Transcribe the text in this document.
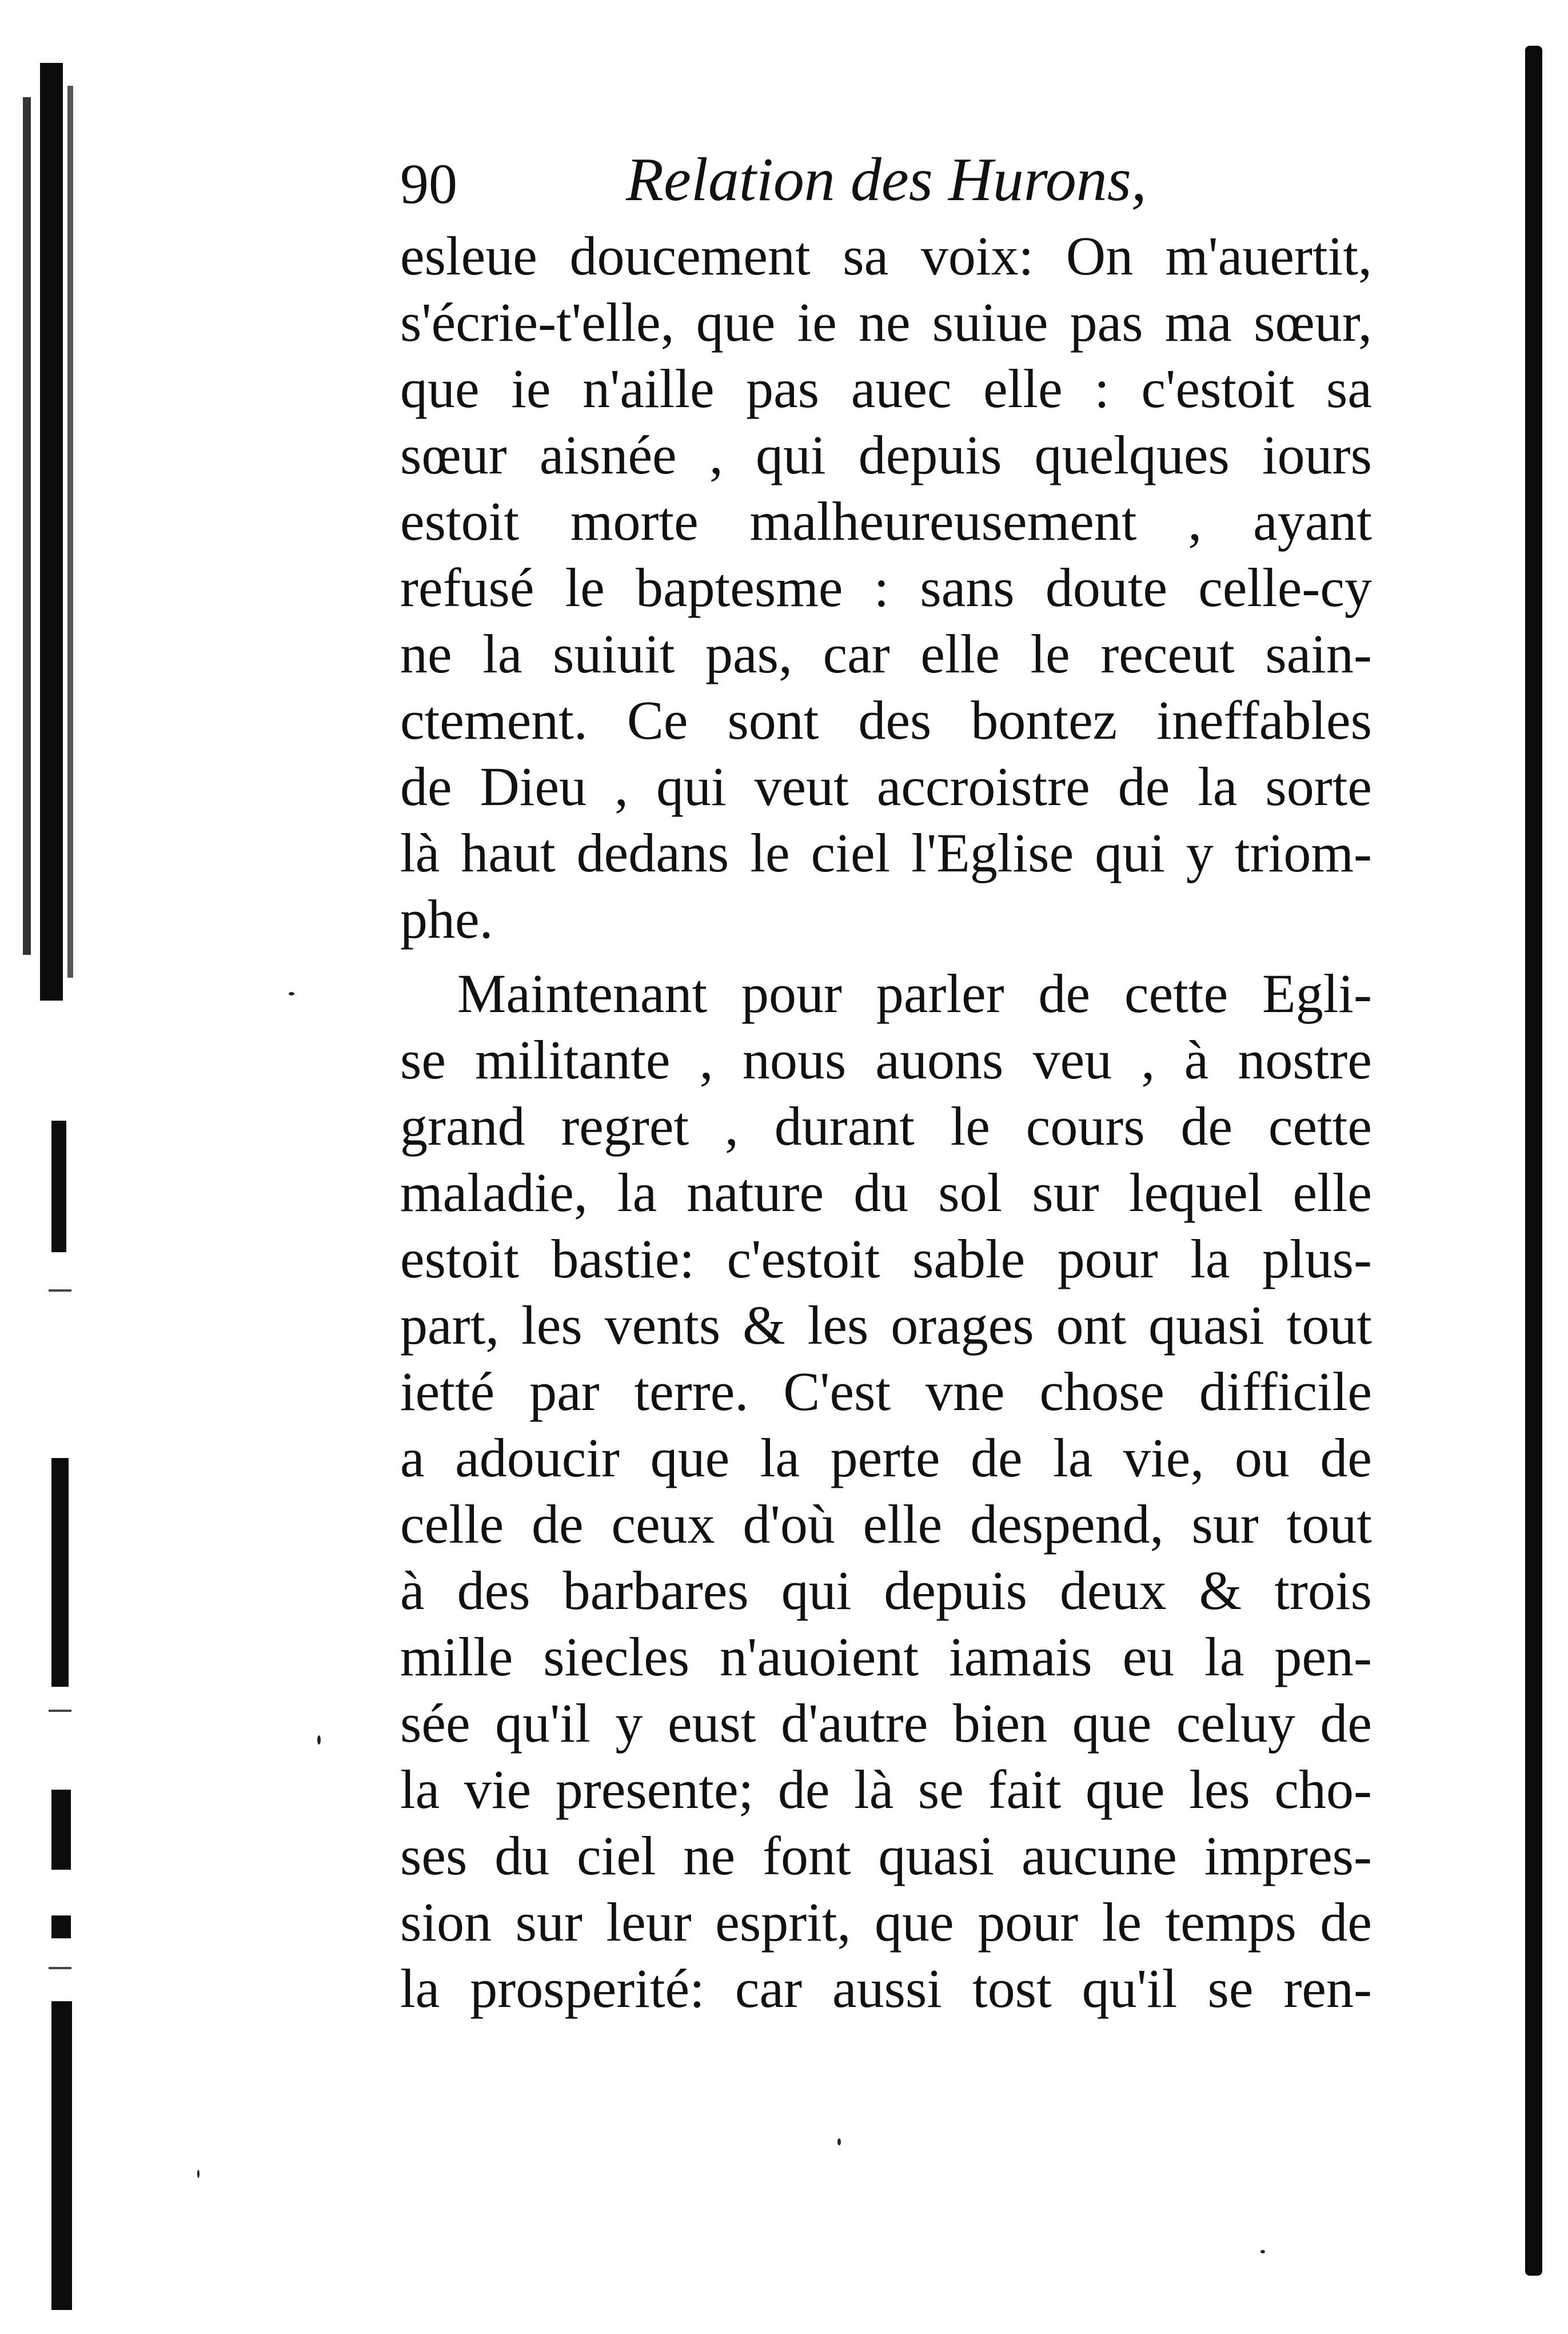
90	Relation des Hurons,
esleue doucement sa voix: On m'auertit,
s'écrie-t'elle, que ie ne suiue pas ma sœur,
que ie n'aille pas auec elle : c'estoit sa
sœur aisnée , qui depuis quelques iours
estoit morte malheureusement , ayant
refusé le baptesme : sans doute celle-cy
ne la suiuit pas, car elle le receut sain-
ctement. Ce sont des bontez ineffables
de Dieu , qui veut accroistre de la sorte
là haut dedans le ciel l'Eglise qui y triom-
phe.
Maintenant pour parler de cette Egli-
se militante , nous auons veu , à nostre
grand regret , durant le cours de cette
maladie, la nature du sol sur lequel elle
estoit bastie: c'estoit sable pour la plus-
part, les vents & les orages ont quasi tout
ietté par terre. C'est vne chose difficile
a adoucir que la perte de la vie, ou de
celle de ceux d'où elle despend, sur tout
à des barbares qui depuis deux & trois
mille siecles n'auoient iamais eu la pen-
sée qu'il y eust d'autre bien que celuy de
la vie presente; de là se fait que les cho-
ses du ciel ne font quasi aucune impres-
sion sur leur esprit, que pour le temps de
la prosperité: car aussi tost qu'il se ren-
